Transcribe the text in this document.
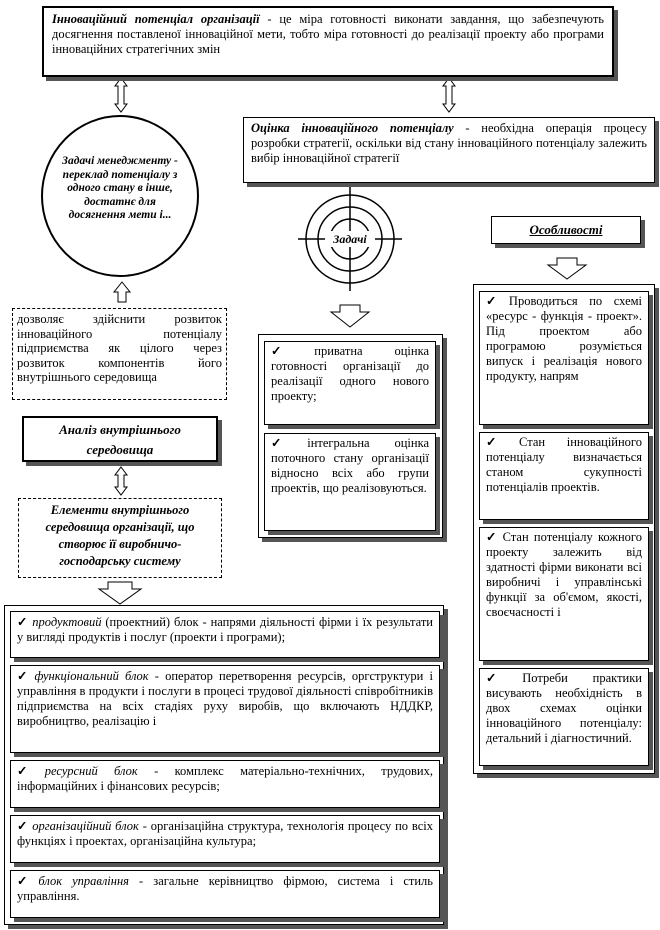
Інноваційний потенціал організації - це міра готовності виконати завдання, що забезпечують досягнення поставленої інноваційної мети, тобто міра готовності до реалізації проекту або програми інноваційних стратегічних змін
Оцінка інноваційного потенціалу - необхідна операція процесу розробки стратегії, оскільки від стану інноваційного потенціалу залежить вибір інноваційної стратегії
Задачі менеджменту - переклад потенціалу з одного стану в інше, достатнє для досягнення мети і...
Задачі
Особливості
дозволяє здійснити розвиток інноваційного потенціалу підприємства як цілого через розвиток компонентів його внутрішнього середовища
Аналіз внутрішнього середовища
Елементи внутрішнього середовища організації, що створює її виробничо-господарську систему
✓ приватна оцінка готовності організації до реалізації одного нового проекту;
✓ інтегральна оцінка поточного стану організації відносно всіх або групи проектів, що реалізовуються.
✓ Проводиться по схемі «ресурс - функція - проект». Під проектом або програмою розуміється випуск і реалізація нового продукту, напрям
✓ Стан інноваційного потенціалу визначається станом сукупності потенціалів проектів.
✓ Стан потенціалу кожного проекту залежить від здатності фірми виконати всі виробничі і управлінські функції за об'ємом, якості, своєчасності і
✓ Потреби практики висувають необхідність в двох схемах оцінки інноваційного потенціалу: детальний і діагностичний.
✓ продуктовий (проектний) блок - напрями діяльності фірми і їх результати у вигляді продуктів і послуг (проекти і програми);
✓ функціональний блок - оператор перетворення ресурсів, оргструктури і управління в продукти і послуги в процесі трудової діяльності співробітників підприємства на всіх стадіях руху виробів, що включають НДДКР, виробництво, реалізацію і
✓ ресурсний блок - комплекс матеріально-технічних, трудових, інформаційних і фінансових ресурсів;
✓ організаційний блок - організаційна структура, технологія процесу по всіх функціях і проектах, організаційна культура;
✓ блок управління - загальне керівництво фірмою, система і стиль управління.
